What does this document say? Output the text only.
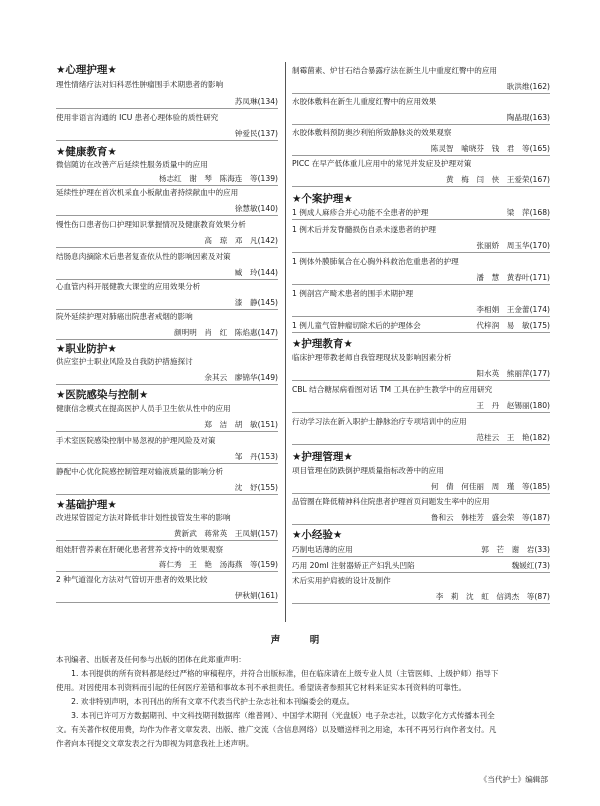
★心理护理★
理性情绪疗法对妇科恶性肿瘤围手术期患者的影响
苏凤琳(134)
使用非语言沟通的 ICU 患者心理体验的质性研究
钟爱民(137)
★健康教育★
微信随访在改善产后延续性服务质量中的应用
杨志红　谢　琴　陈海连　等(139)
延续性护理在首次机采血小板献血者持续献血中的应用
徐慧敏(140)
慢性伤口患者伤口护理知识掌握情况及健康教育效果分析
高　琼　邓　凡(142)
结肠息肉摘除术后患者复查依从性的影响因素及对策
臧　玲(144)
心血管内科开展健教大课堂的应用效果分析
漆　静(145)
院外延续护理对肺癌出院患者戒烟的影响
颜明明　肖　红　陈焰惠(147)
★职业防护★
供应室护士职业风险及自我防护措施探讨
余其云　廖锦华(149)
★医院感染与控制★
健康信念模式在提高医护人员手卫生依从性中的应用
郑　洁　胡　敏(151)
手术室医院感染控制中易忽视的护理风险及对策
邹　丹(153)
静配中心优化院感控制管理对输液质量的影响分析
沈　妤(155)
★基础护理★
改进尿管固定方法对降低非计划性拔管发生率的影响
黄新武　蒋常英　王凤娟(157)
组娃肝营养素在肝硬化患者营养支持中的效果观察
蒋仁秀　王　艳　汤海燕　等(159)
2 种气道湿化方法对气管切开患者的效果比较
伊秋娟(161)
制霉菌素、炉甘石结合暴露疗法在新生儿中重度红臀中的应用
耿洪维(162)
水胶体敷料在新生儿重度红臀中的应用效果
陶晶琨(163)
水胶体敷料预防奥沙利铂所致静脉炎的效果观察
陈灵智　喻晓芬　钱　君　等(165)
PICC 在早产低体重儿应用中的常见并发症及护理对策
黄　梅　闫　侠　王爱荣(167)
★个案护理★
1 例成人麻疹合并心功能不全患者的护理	梁　萍(168)
1 例术后并发脊髓损伤自杀未遂患者的护理
张丽娇　周玉华(170)
1 例体外膜肺氧合在心胸外科救治危重患者的护理
潘　慧　黄春叶(171)
1 例剖宫产畸术患者的围手术期护理
李相娟　王金蕾(174)
1 例儿童气管肿瘤切除术后的护理体会	代梓润　易　敏(175)
★护理教育★
临床护理带教老师自我管理现状及影响因素分析
阳水英　熊丽萍(177)
CBL 结合糖尿病看图对话 TM 工具在护生教学中的应用研究
王　丹　赵锡丽(180)
行动学习法在新入职护士静脉治疗专项培训中的应用
范桂云　王　艳(182)
★护理管理★
项目管理在防跌倒护理质量指标改善中的应用
何　倩　何佳丽　周　瑾　等(185)
品管圈在降低精神科住院患者护理首页问题发生率中的应用
鲁和云　韩桂芳　盛会荣　等(187)
★小经验★
巧制电话薄的应用	郭　芒　谢　岩(33)
巧用 20ml 注射器矫正产妇乳头凹陷	魏媛红(73)
术后实用护肩被的设计及制作
李　莉　沈　虹　信鸿杰　等(87)
声　明
本刊编者、出版者及任何参与出版的团体在此郑重声明：
　　1. 本刊提供的所有资料都是经过严格的审稿程序，并符合出版标准，但在临床请在上级专业人员（主管医师、上级护师）指导下
使用。对因使用本刊资料而引起的任何医疗差错和事故本刊不承担责任。希望读者参照其它材料来证实本刊资料的可靠性。
　　2. 欢非特别声明，本刊刊出的所有文章不代表当代护士杂志社和本刊编委会的观点。
　　3. 本刊已许可万方数据期刊、中文科技期刊数据库（维普网）、中国学术期刊（光盘版）电子杂志社，以数字化方式传播本刊全
文。有关著作权使用费，均作为作者文章发表、出版、推广交流（含信息网络）以及赠送样刊之用途，本刊不再另行向作者支付。凡
作者向本刊提交文章发表之行为即视为同意我社上述声明。
《当代护士》编辑部
